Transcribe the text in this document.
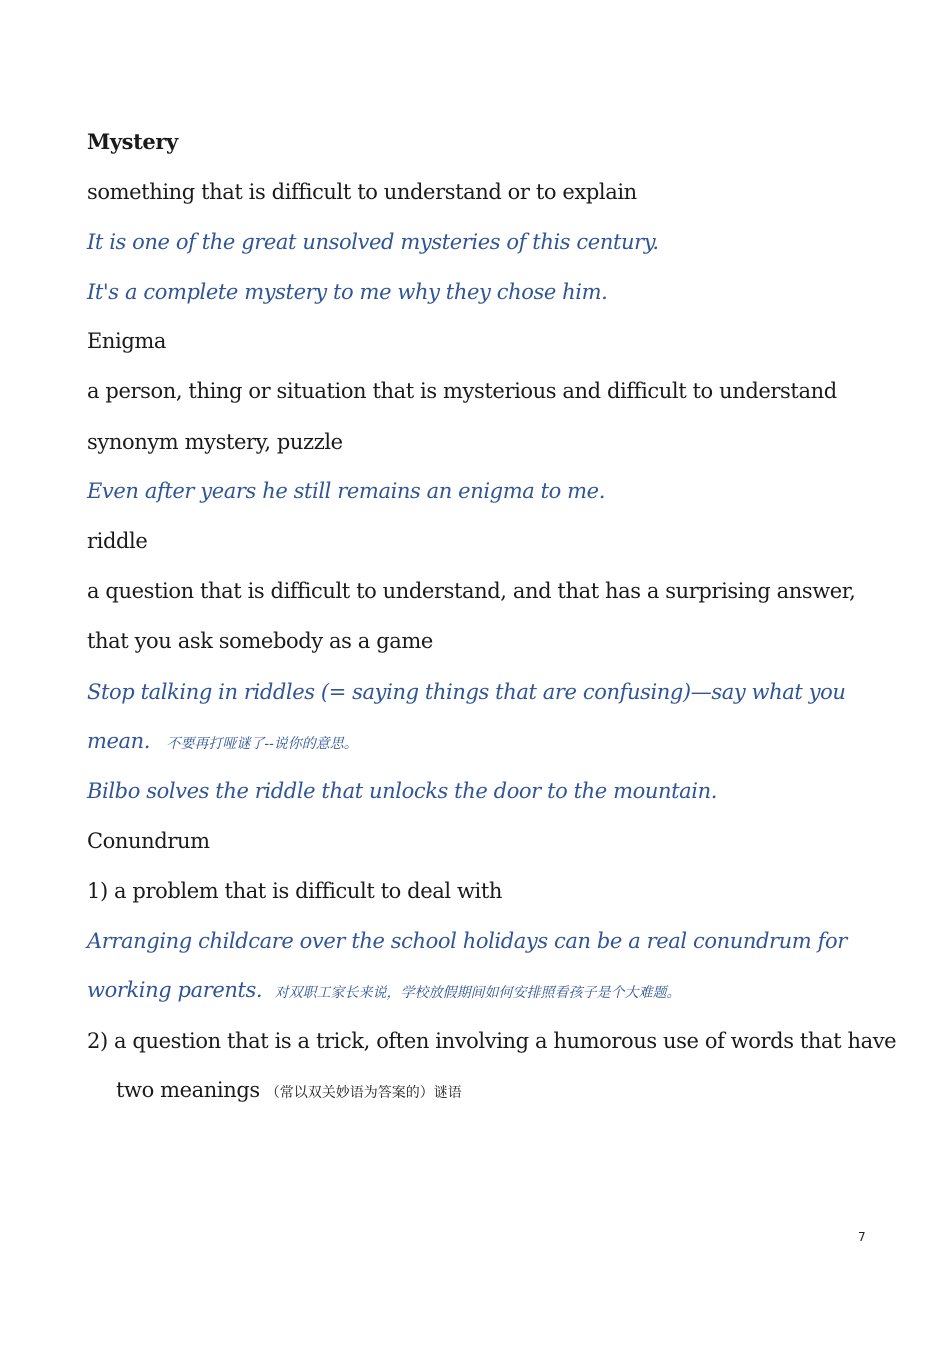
Mystery
something that is difficult to understand or to explain
It is one of the great unsolved mysteries of this century.
It's a complete mystery to me why they chose him.
Enigma
a person, thing or situation that is mysterious and difficult to understand
synonym mystery, puzzle
Even after years he still remains an enigma to me.
riddle
a question that is difficult to understand, and that has a surprising answer,
that you ask somebody as a game
Stop talking in riddles (= saying things that are confusing)—say what you
mean. 不要再打哑谜了--说你的意思。
Bilbo solves the riddle that unlocks the door to the mountain.
Conundrum
1) a problem that is difficult to deal with
Arranging childcare over the school holidays can be a real conundrum for
working parents. 对双职工家长来说，学校放假期间如何安排照看孩子是个大难题。
2) a question that is a trick, often involving a humorous use of words that have
two meanings （常以双关妙语为答案的）谜语
7
